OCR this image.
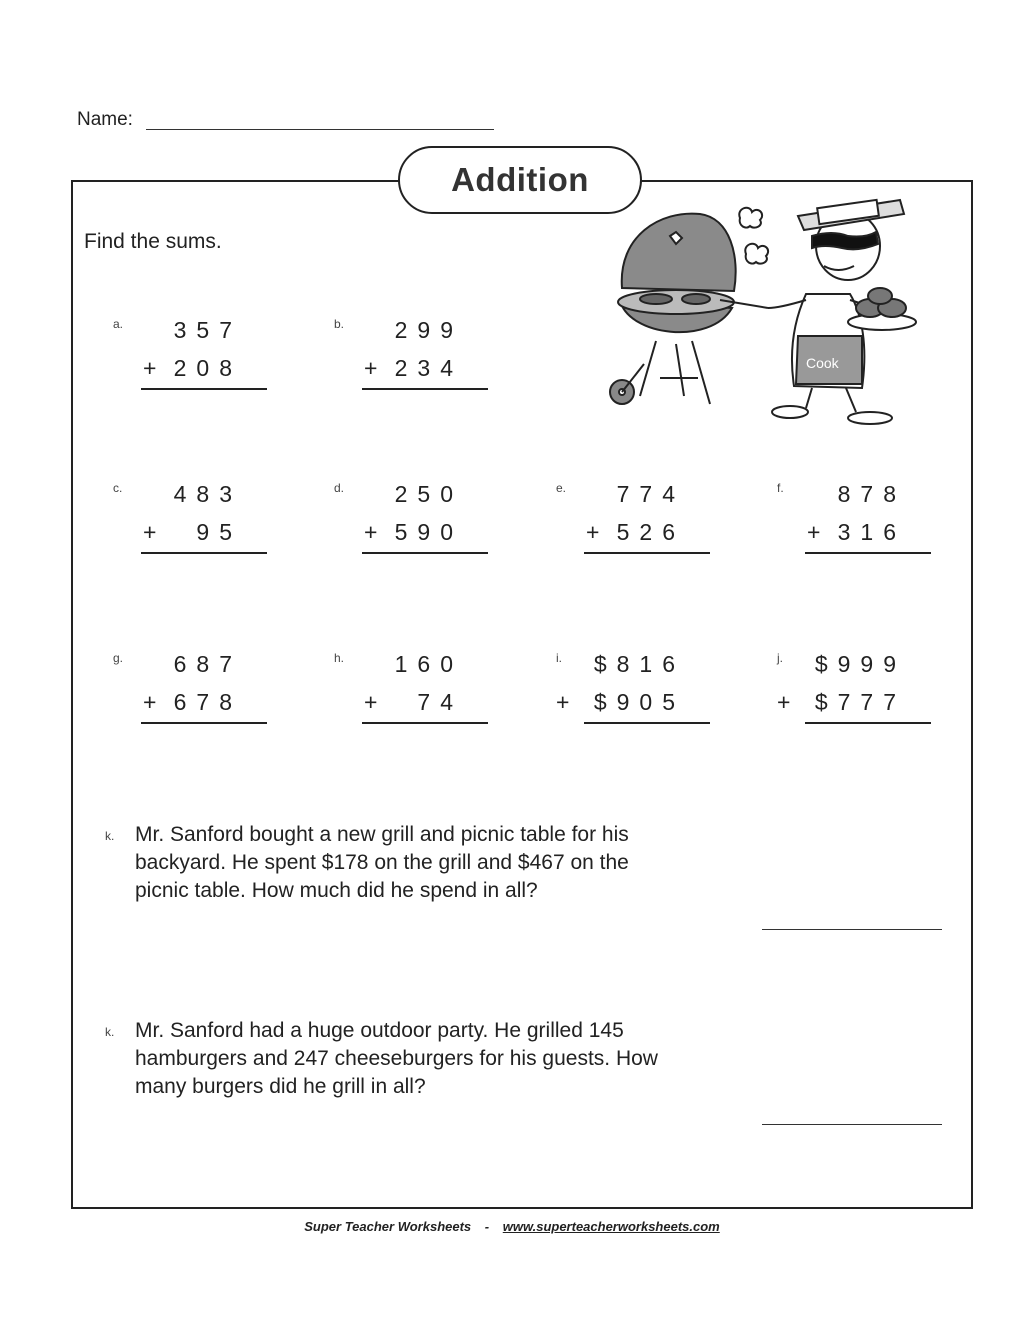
Name:
Addition
Find the sums.
a. 357
+ 208
b. 299
+ 234
c. 483
+ 95
d. 250
+ 590
e. 774
+ 526
f. 878
+ 316
g. 687
+ 678
h. 160
+ 74
i. $816
+ $905
j. $999
+ $777
k. Mr. Sanford bought a new grill and picnic table for his backyard. He spent $178 on the grill and $467 on the picnic table. How much did he spend in all?
k. Mr. Sanford had a huge outdoor party. He grilled 145 hamburgers and 247 cheeseburgers for his guests. How many burgers did he grill in all?
Cook
Super Teacher Worksheets - www.superteacherworksheets.com
